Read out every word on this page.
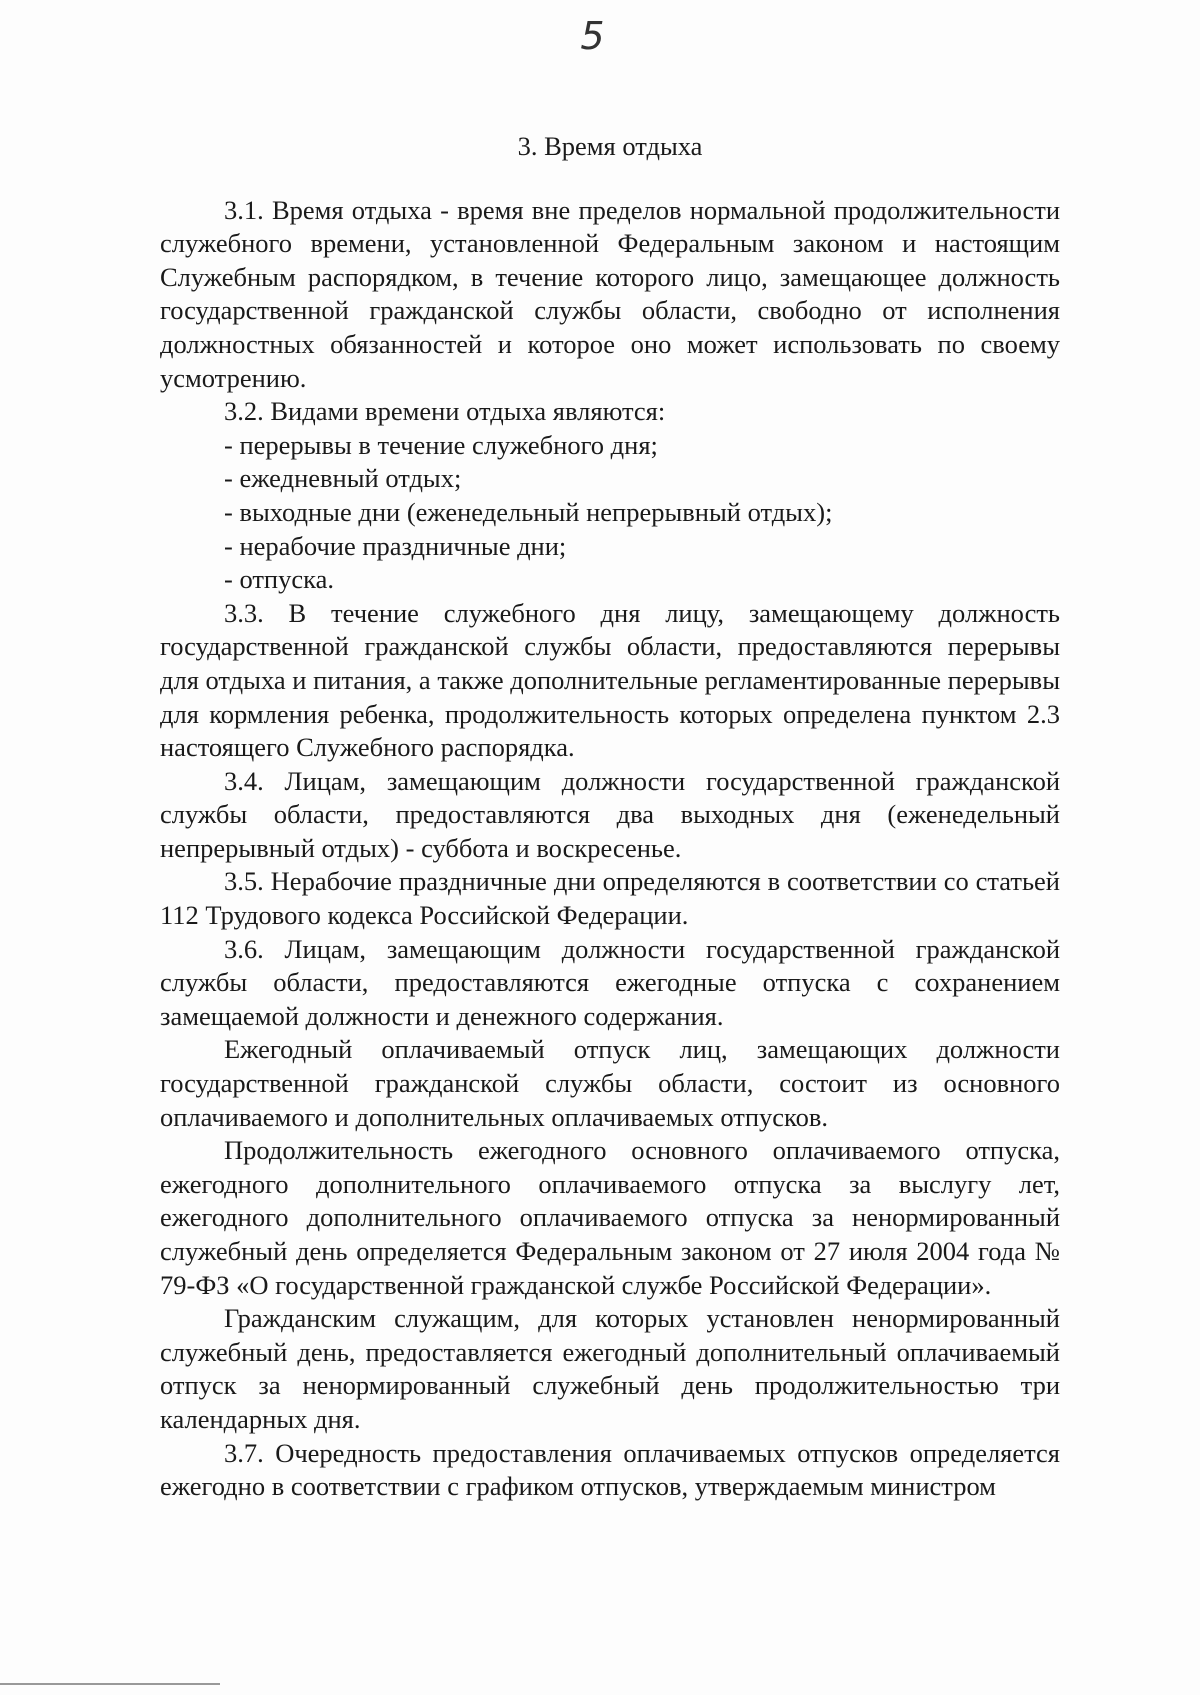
5
3. Время отдыха
3.1. Время отдыха - время вне пределов нормальной продолжительности служебного времени, установленной Федеральным законом и настоящим Служебным распорядком, в течение которого лицо, замещающее должность государственной гражданской службы области, свободно от исполнения должностных обязанностей и которое оно может использовать по своему усмотрению.
3.2. Видами времени отдыха являются:
- перерывы в течение служебного дня;
- ежедневный отдых;
- выходные дни (еженедельный непрерывный отдых);
- нерабочие праздничные дни;
- отпуска.
3.3. В течение служебного дня лицу, замещающему должность государственной гражданской службы области, предоставляются перерывы для отдыха и питания, а также дополнительные регламентированные перерывы для кормления ребенка, продолжительность которых определена пунктом 2.3 настоящего Служебного распорядка.
3.4. Лицам, замещающим должности государственной гражданской службы области, предоставляются два выходных дня (еженедельный непрерывный отдых) - суббота и воскресенье.
3.5. Нерабочие праздничные дни определяются в соответствии со статьей 112 Трудового кодекса Российской Федерации.
3.6. Лицам, замещающим должности государственной гражданской службы области, предоставляются ежегодные отпуска с сохранением замещаемой должности и денежного содержания.
Ежегодный оплачиваемый отпуск лиц, замещающих должности государственной гражданской службы области, состоит из основного оплачиваемого и дополнительных оплачиваемых отпусков.
Продолжительность ежегодного основного оплачиваемого отпуска, ежегодного дополнительного оплачиваемого отпуска за выслугу лет, ежегодного дополнительного оплачиваемого отпуска за ненормированный служебный день определяется Федеральным законом от 27 июля 2004 года № 79-ФЗ «О государственной гражданской службе Российской Федерации».
Гражданским служащим, для которых установлен ненормированный служебный день, предоставляется ежегодный дополнительный оплачиваемый отпуск за ненормированный служебный день продолжительностью три календарных дня.
3.7. Очередность предоставления оплачиваемых отпусков определяется ежегодно в соответствии с графиком отпусков, утверждаемым министром
